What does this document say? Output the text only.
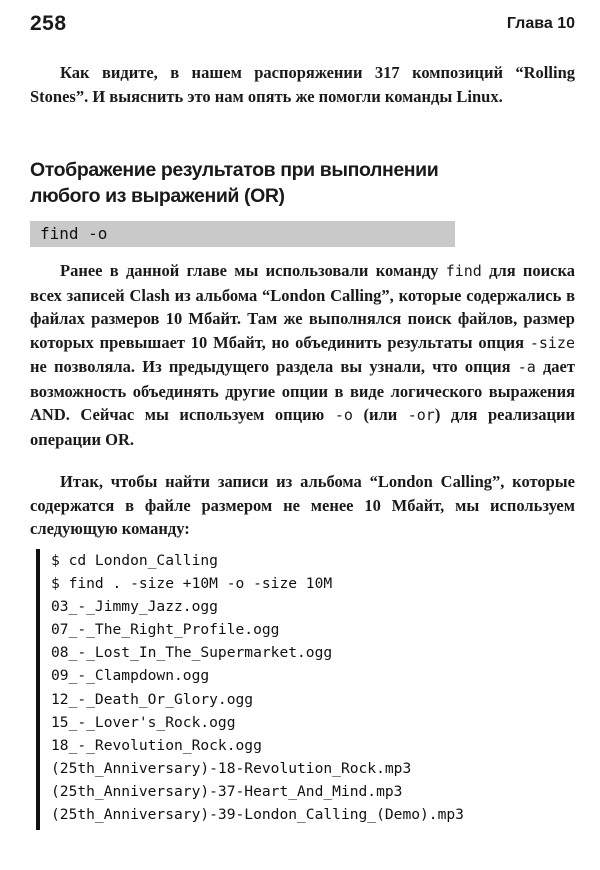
258	Глава 10

Как видите, в нашем распоряжении 317 композиций “Rolling Stones”. И выяснить это нам опять же помогли команды Linux.

Отображение результатов при выполнении
любого из выражений (OR)
find -o

Ранее в данной главе мы использовали команду find для поиска всех записей Clash из альбома “London Calling”, которые содержались в файлах размеров 10 Мбайт. Там же выполнялся поиск файлов, размер которых превышает 10 Мбайт, но объединить результаты опция -size не позволяла. Из предыдущего раздела вы узнали, что опция -a дает возможность объединять другие опции в виде логического выражения AND. Сейчас мы используем опцию -o (или -or) для реализации операции OR.

Итак, чтобы найти записи из альбома “London Calling”, которые содержатся в файле размером не менее 10 Мбайт, мы используем следующую команду:

$ cd London_Calling
$ find . -size +10M -o -size 10M
03_-_Jimmy_Jazz.ogg
07_-_The_Right_Profile.ogg
08_-_Lost_In_The_Supermarket.ogg
09_-_Clampdown.ogg
12_-_Death_Or_Glory.ogg
15_-_Lover's_Rock.ogg
18_-_Revolution_Rock.ogg
(25th_Anniversary)-18-Revolution_Rock.mp3
(25th_Anniversary)-37-Heart_And_Mind.mp3
(25th_Anniversary)-39-London_Calling_(Demo).mp3
